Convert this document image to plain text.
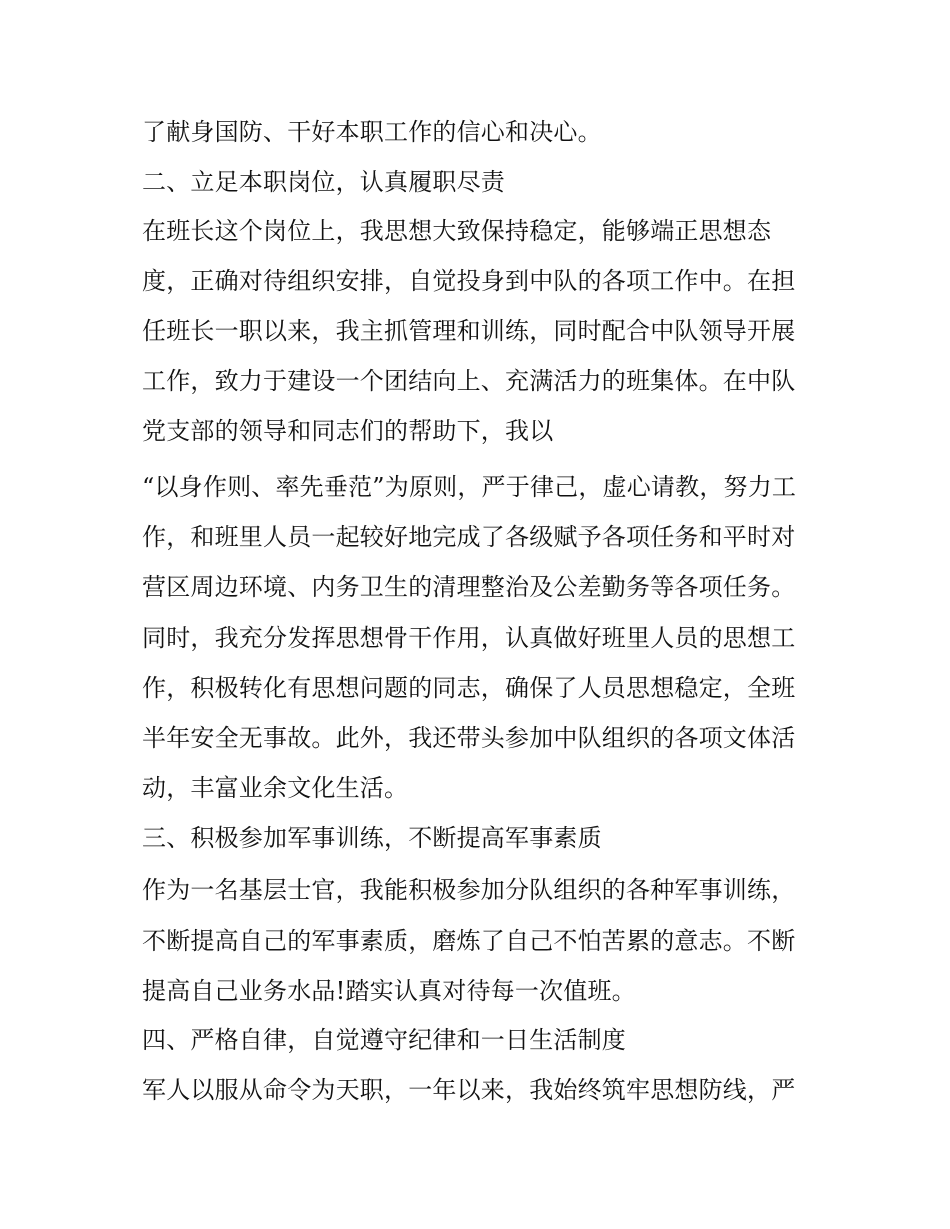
了献身国防、干好本职工作的信心和决心。
二、立足本职岗位，认真履职尽责
在班长这个岗位上，我思想大致保持稳定，能够端正思想态
度，正确对待组织安排，自觉投身到中队的各项工作中。在担
任班长一职以来，我主抓管理和训练，同时配合中队领导开展
工作，致力于建设一个团结向上、充满活力的班集体。在中队
党支部的领导和同志们的帮助下，我以
“以身作则、率先垂范”为原则，严于律己，虚心请教，努力工
作，和班里人员一起较好地完成了各级赋予各项任务和平时对
营区周边环境、内务卫生的清理整治及公差勤务等各项任务。
同时，我充分发挥思想骨干作用，认真做好班里人员的思想工
作，积极转化有思想问题的同志，确保了人员思想稳定，全班
半年安全无事故。此外，我还带头参加中队组织的各项文体活
动，丰富业余文化生活。
三、积极参加军事训练，不断提高军事素质
作为一名基层士官，我能积极参加分队组织的各种军事训练，
不断提高自己的军事素质，磨炼了自己不怕苦累的意志。不断
提高自己业务水品!踏实认真对待每一次值班。
四、严格自律，自觉遵守纪律和一日生活制度
军人以服从命令为天职，一年以来，我始终筑牢思想防线，严
